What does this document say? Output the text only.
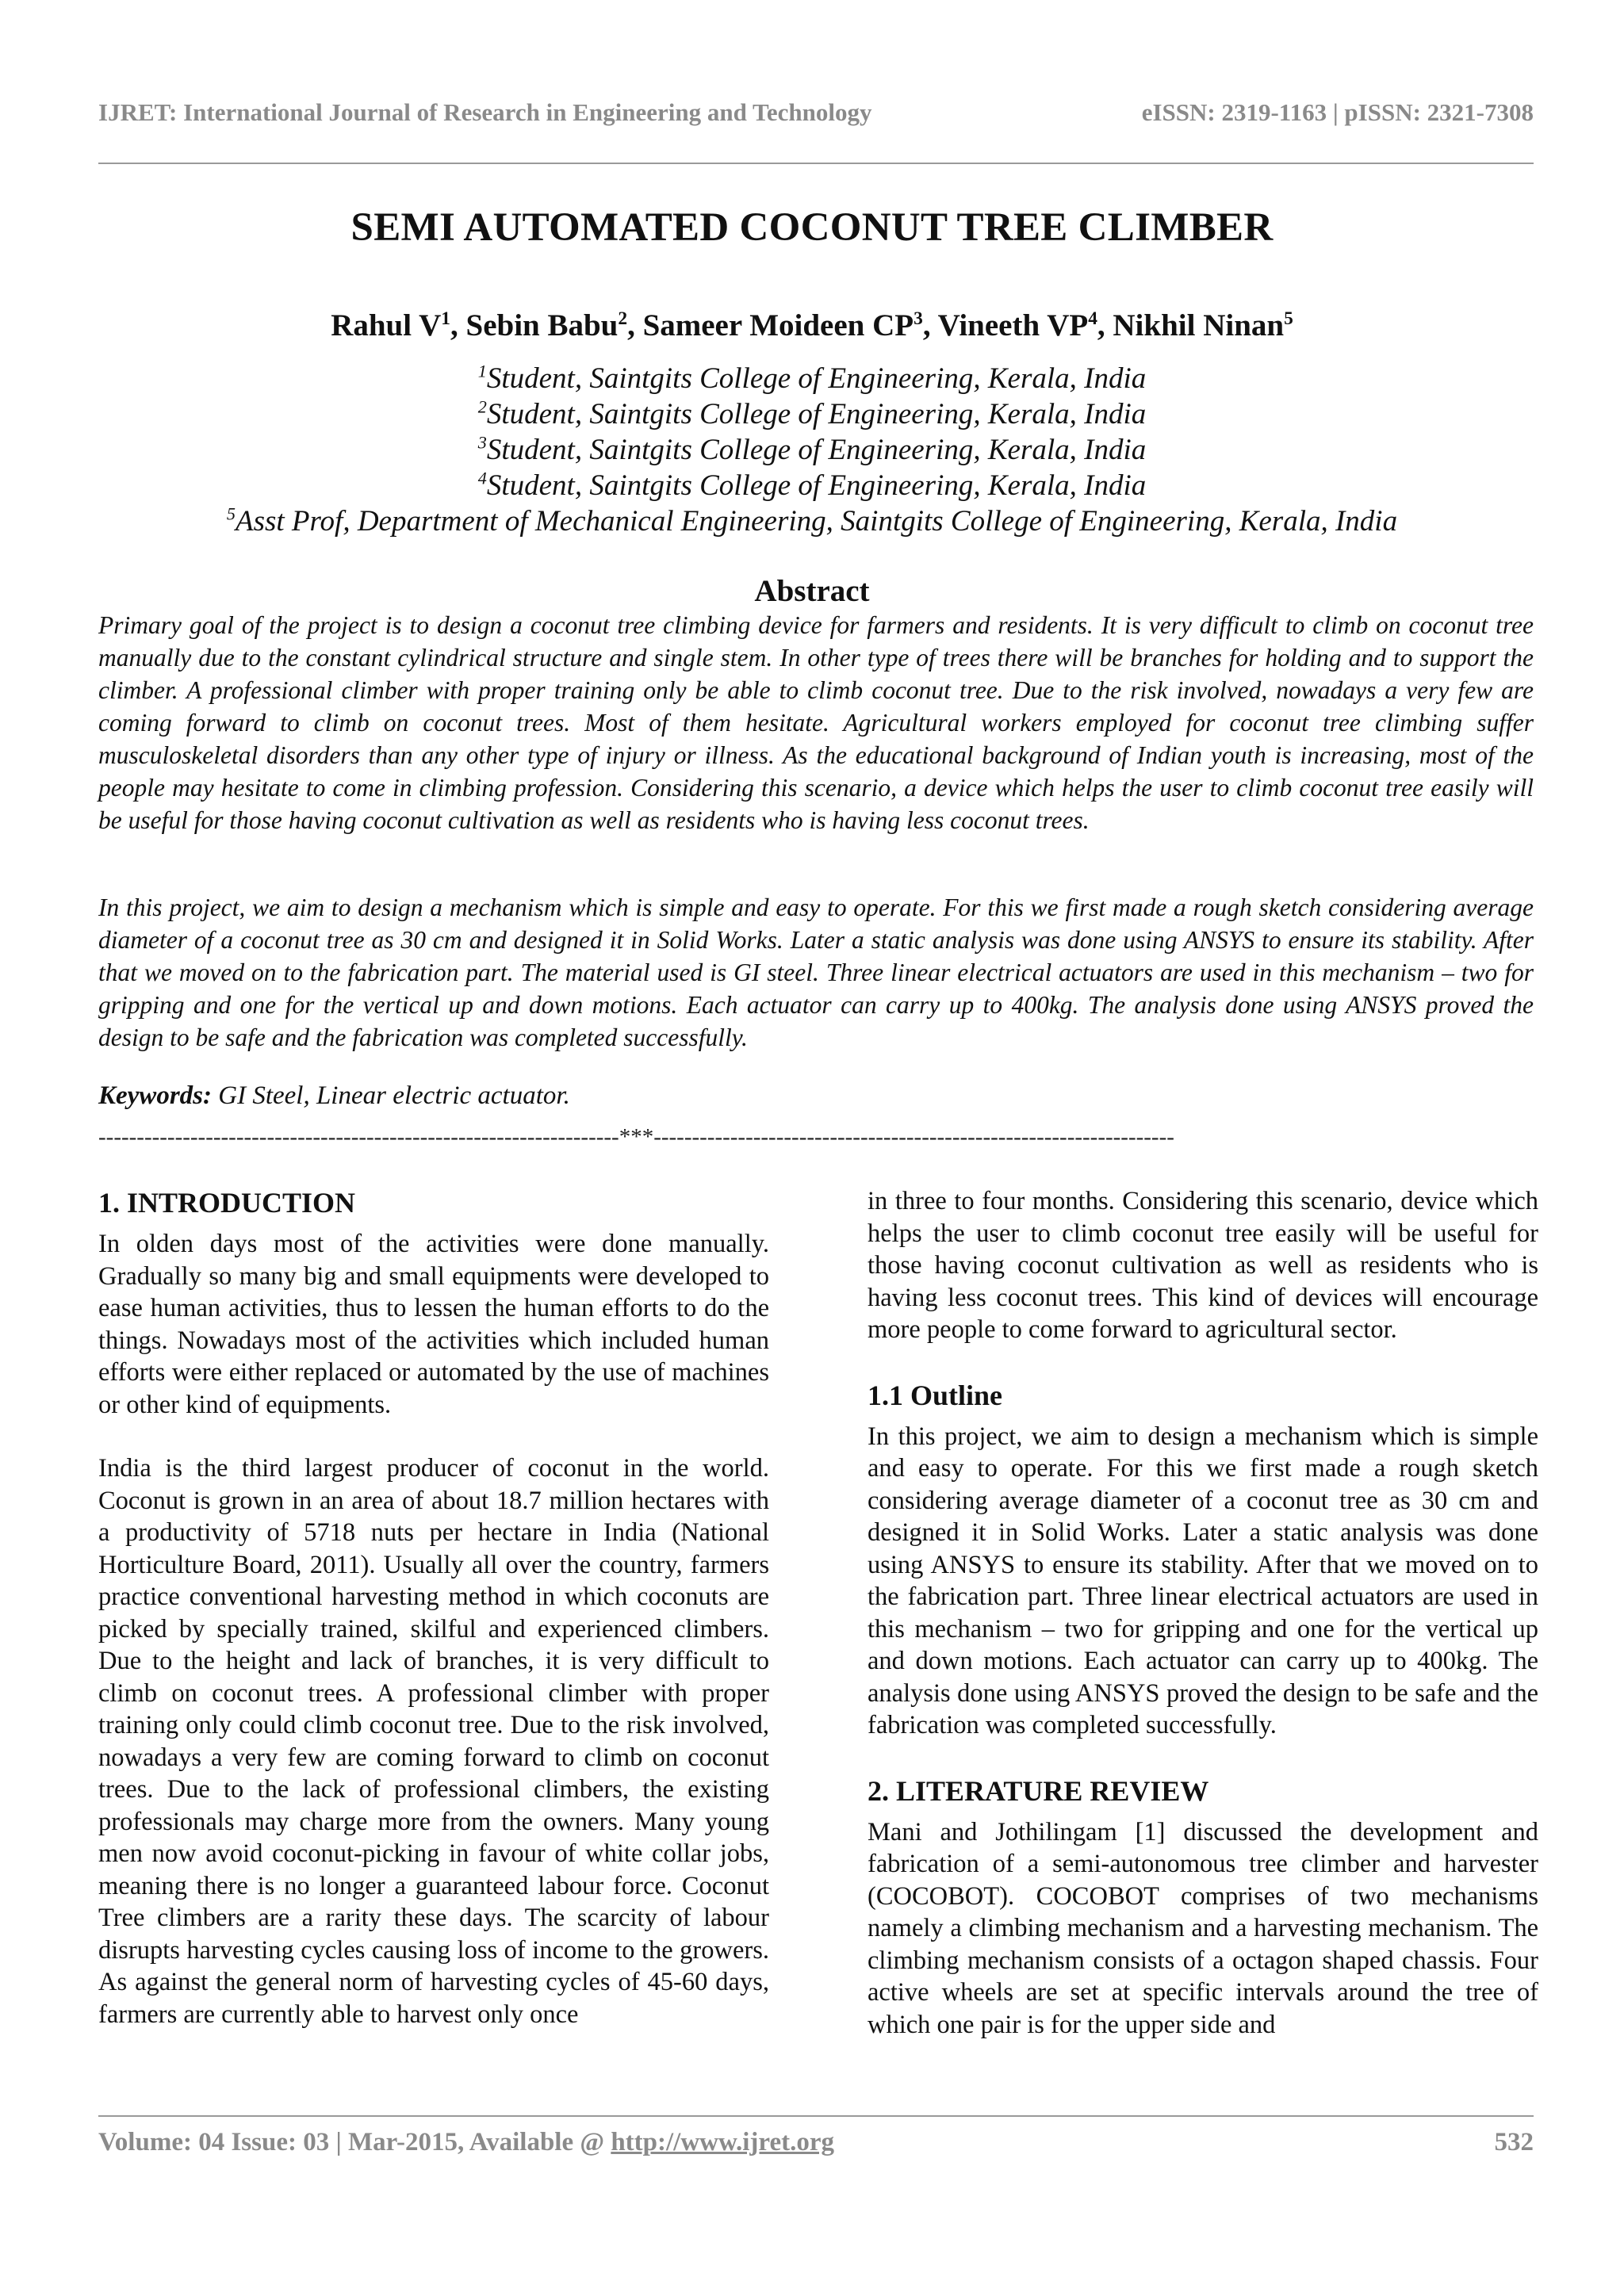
IJRET: International Journal of Research in Engineering and Technology	eISSN: 2319-1163 | pISSN: 2321-7308
SEMI AUTOMATED COCONUT TREE CLIMBER
Rahul $V^1$, Sebin Babu$^2$, Sameer Moideen $CP^3$, Vineeth $VP^4$, Nikhil Ninan$^5$
$^1$Student, Saintgits College of Engineering, Kerala, India
$^2$Student, Saintgits College of Engineering, Kerala, India
$^3$Student, Saintgits College of Engineering, Kerala, India
$^4$Student, Saintgits College of Engineering, Kerala, India
$^5$Asst Prof, Department of Mechanical Engineering, Saintgits College of Engineering, Kerala, India
Abstract

Primary goal of the project is to design a coconut tree climbing device for farmers and residents. It is very difficult to climb on coconut tree manually due to the constant cylindrical structure and single stem. In other type of trees there will be branches for holding and to support the climber. A professional climber with proper training only be able to climb coconut tree. Due to the risk involved, nowadays a very few are coming forward to climb on coconut trees. Most of them hesitate. Agricultural workers employed for coconut tree climbing suffer musculoskeletal disorders than any other type of injury or illness. As the educational background of Indian youth is increasing, most of the people may hesitate to come in climbing profession. Considering this scenario, a device which helps the user to climb coconut tree easily will be useful for those having coconut cultivation as well as residents who is having less coconut trees.

In this project, we aim to design a mechanism which is simple and easy to operate. For this we first made a rough sketch considering average diameter of a coconut tree as 30 cm and designed it in Solid Works. Later a static analysis was done using ANSYS to ensure its stability. After that we moved on to the fabrication part. The material used is GI steel. Three linear electrical actuators are used in this mechanism – two for gripping and one for the vertical up and down motions. Each actuator can carry up to 400kg. The analysis done using ANSYS proved the design to be safe and the fabrication was completed successfully.

Keywords: GI Steel, Linear electric actuator.
--------------------------------------------------------------------***--------------------------------------------------------------------
1. INTRODUCTION

In olden days most of the activities were done manually. Gradually so many big and small equipments were developed to ease human activities, thus to lessen the human efforts to do the things. Nowadays most of the activities which included human efforts were either replaced or automated by the use of machines or other kind of equipments.

India is the third largest producer of coconut in the world. Coconut is grown in an area of about 18.7 million hectares with a productivity of 5718 nuts per hectare in India (National Horticulture Board, 2011). Usually all over the country, farmers practice conventional harvesting method in which coconuts are picked by specially trained, skilful and experienced climbers. Due to the height and lack of branches, it is very difficult to climb on coconut trees. A professional climber with proper training only could climb coconut tree. Due to the risk involved, nowadays a very few are coming forward to climb on coconut trees. Due to the lack of professional climbers, the existing professionals may charge more from the owners. Many young men now avoid coconut-picking in favour of white collar jobs, meaning there is no longer a guaranteed labour force. Coconut Tree climbers are a rarity these days. The scarcity of labour disrupts harvesting cycles causing loss of income to the growers. As against the general norm of harvesting cycles of 45-60 days, farmers are currently able to harvest only once

in three to four months. Considering this scenario, device which helps the user to climb coconut tree easily will be useful for those having coconut cultivation as well as residents who is having less coconut trees. This kind of devices will encourage more people to come forward to agricultural sector.

1.1 Outline

In this project, we aim to design a mechanism which is simple and easy to operate. For this we first made a rough sketch considering average diameter of a coconut tree as 30 cm and designed it in Solid Works. Later a static analysis was done using ANSYS to ensure its stability. After that we moved on to the fabrication part. Three linear electrical actuators are used in this mechanism – two for gripping and one for the vertical up and down motions. Each actuator can carry up to 400kg. The analysis done using ANSYS proved the design to be safe and the fabrication was completed successfully.

2. LITERATURE REVIEW

Mani and Jothilingam [1] discussed the development and fabrication of a semi-autonomous tree climber and harvester (COCOBOT). COCOBOT comprises of two mechanisms namely a climbing mechanism and a harvesting mechanism. The climbing mechanism consists of a octagon shaped chassis. Four active wheels are set at specific intervals around the tree of which one pair is for the upper side and

Volume: 04 Issue: 03 | Mar-2015, Available @ http://www.ijret.org	532
